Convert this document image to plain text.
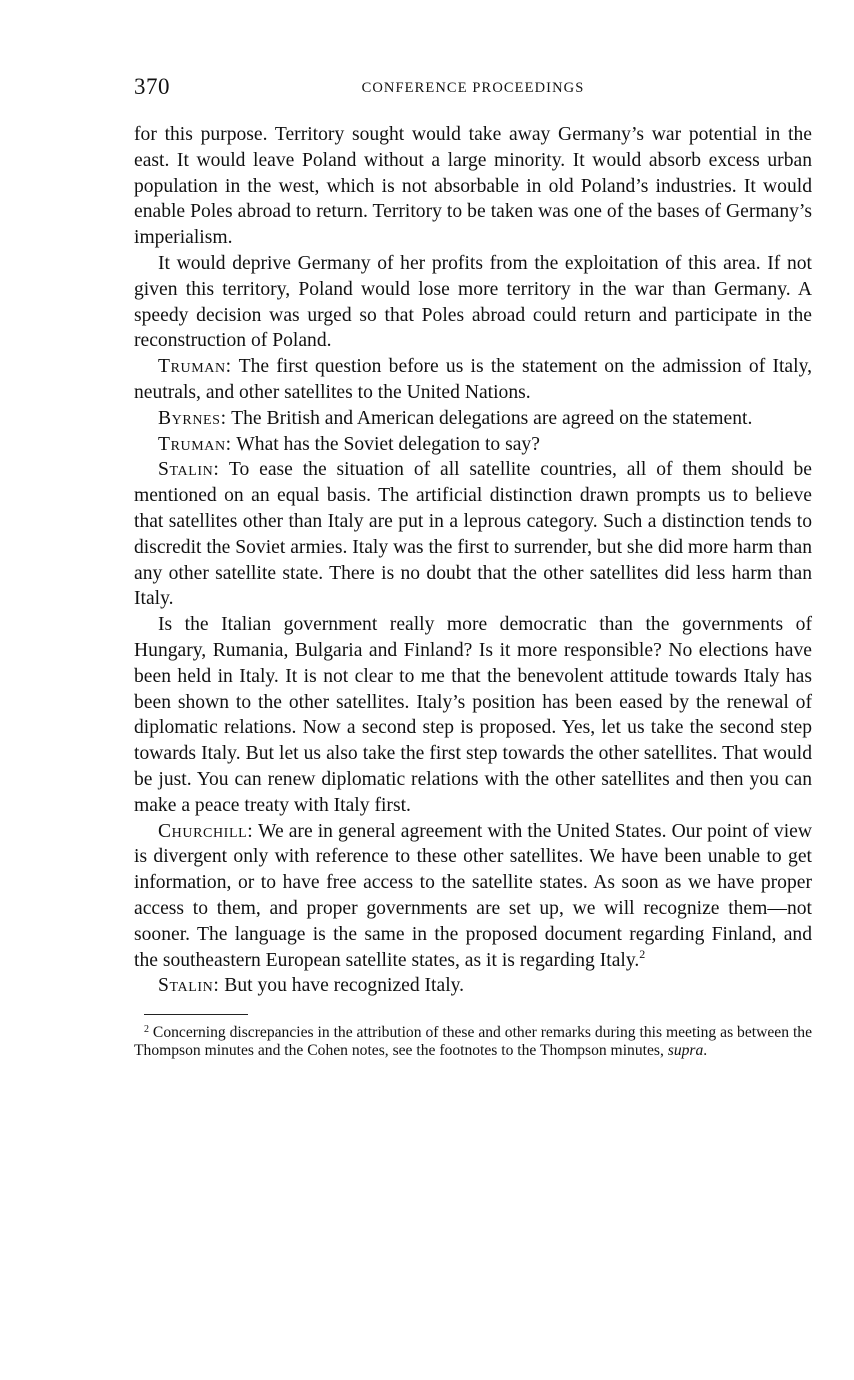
370	CONFERENCE PROCEEDINGS

for this purpose. Territory sought would take away Germany’s war potential in the east. It would leave Poland without a large minority. It would absorb excess urban population in the west, which is not absorbable in old Poland’s industries. It would enable Poles abroad to return. Territory to be taken was one of the bases of Germany’s imperialism.

It would deprive Germany of her profits from the exploitation of this area. If not given this territory, Poland would lose more territory in the war than Germany. A speedy decision was urged so that Poles abroad could return and participate in the reconstruction of Poland.

Truman: The first question before us is the statement on the admission of Italy, neutrals, and other satellites to the United Nations.

Byrnes: The British and American delegations are agreed on the statement.

Truman: What has the Soviet delegation to say?

Stalin: To ease the situation of all satellite countries, all of them should be mentioned on an equal basis. The artificial distinction drawn prompts us to believe that satellites other than Italy are put in a leprous category. Such a distinction tends to discredit the Soviet armies. Italy was the first to surrender, but she did more harm than any other satellite state. There is no doubt that the other satellites did less harm than Italy.

Is the Italian government really more democratic than the governments of Hungary, Rumania, Bulgaria and Finland? Is it more responsible? No elections have been held in Italy. It is not clear to me that the benevolent attitude towards Italy has been shown to the other satellites. Italy’s position has been eased by the renewal of diplomatic relations. Now a second step is proposed. Yes, let us take the second step towards Italy. But let us also take the first step towards the other satellites. That would be just. You can renew diplomatic relations with the other satellites and then you can make a peace treaty with Italy first.

Churchill: We are in general agreement with the United States. Our point of view is divergent only with reference to these other satellites. We have been unable to get information, or to have free access to the satellite states. As soon as we have proper access to them, and proper governments are set up, we will recognize them—not sooner. The language is the same in the proposed document regarding Finland, and the southeastern European satellite states, as it is regarding Italy.$^2$

Stalin: But you have recognized Italy.

$^2$ Concerning discrepancies in the attribution of these and other remarks during this meeting as between the Thompson minutes and the Cohen notes, see the footnotes to the Thompson minutes, supra.
